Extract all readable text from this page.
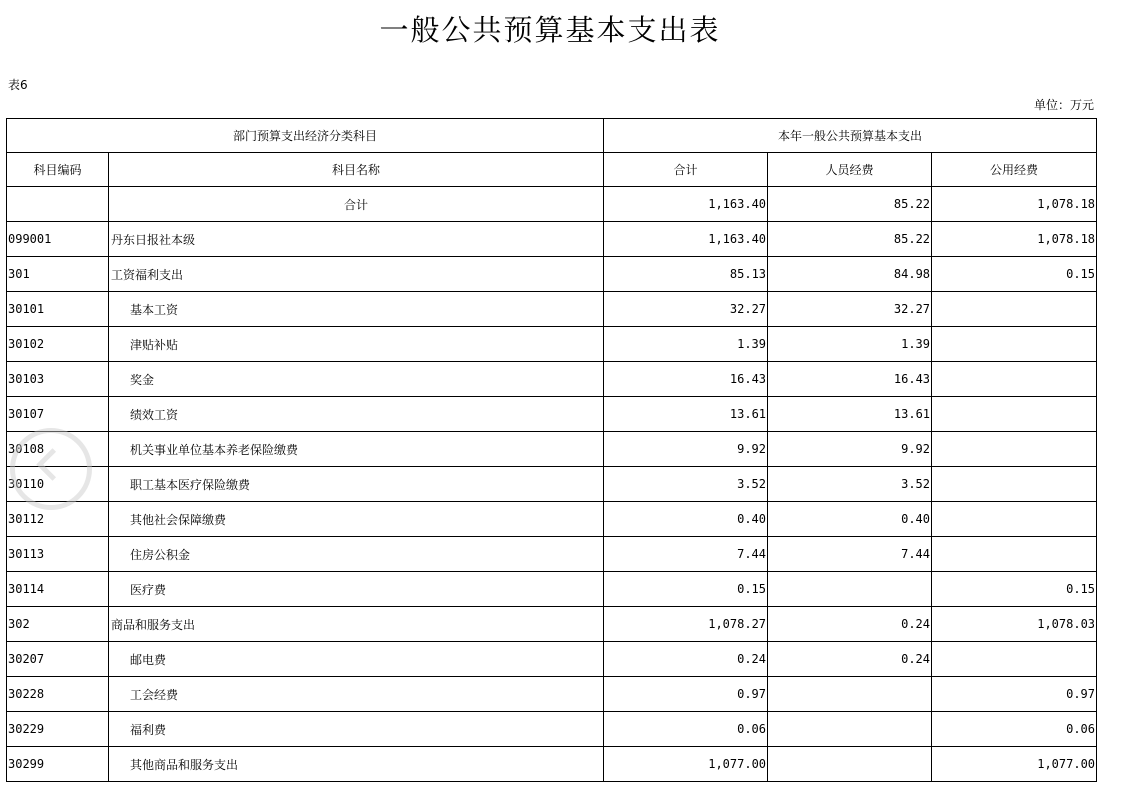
一般公共预算基本支出表
表6
单位：万元
部门预算支出经济分类科目		本年一般公共预算基本支出		
科目编码	科目名称	合计	人员经费	公用经费
	合计	1,163.40	85.22	1,078.18
099001	丹东日报社本级	1,163.40	85.22	1,078.18
301	工资福利支出	85.13	84.98	0.15
30101	基本工资	32.27	32.27	
30102	津贴补贴	1.39	1.39	
30103	奖金	16.43	16.43	
30107	绩效工资	13.61	13.61	
30108	机关事业单位基本养老保险缴费	9.92	9.92	
30110	职工基本医疗保险缴费	3.52	3.52	
30112	其他社会保障缴费	0.40	0.40	
30113	住房公积金	7.44	7.44	
30114	医疗费	0.15		0.15
302	商品和服务支出	1,078.27	0.24	1,078.03
30207	邮电费	0.24	0.24	
30228	工会经费	0.97		0.97
30229	福利费	0.06		0.06
30299	其他商品和服务支出	1,077.00		1,077.00
